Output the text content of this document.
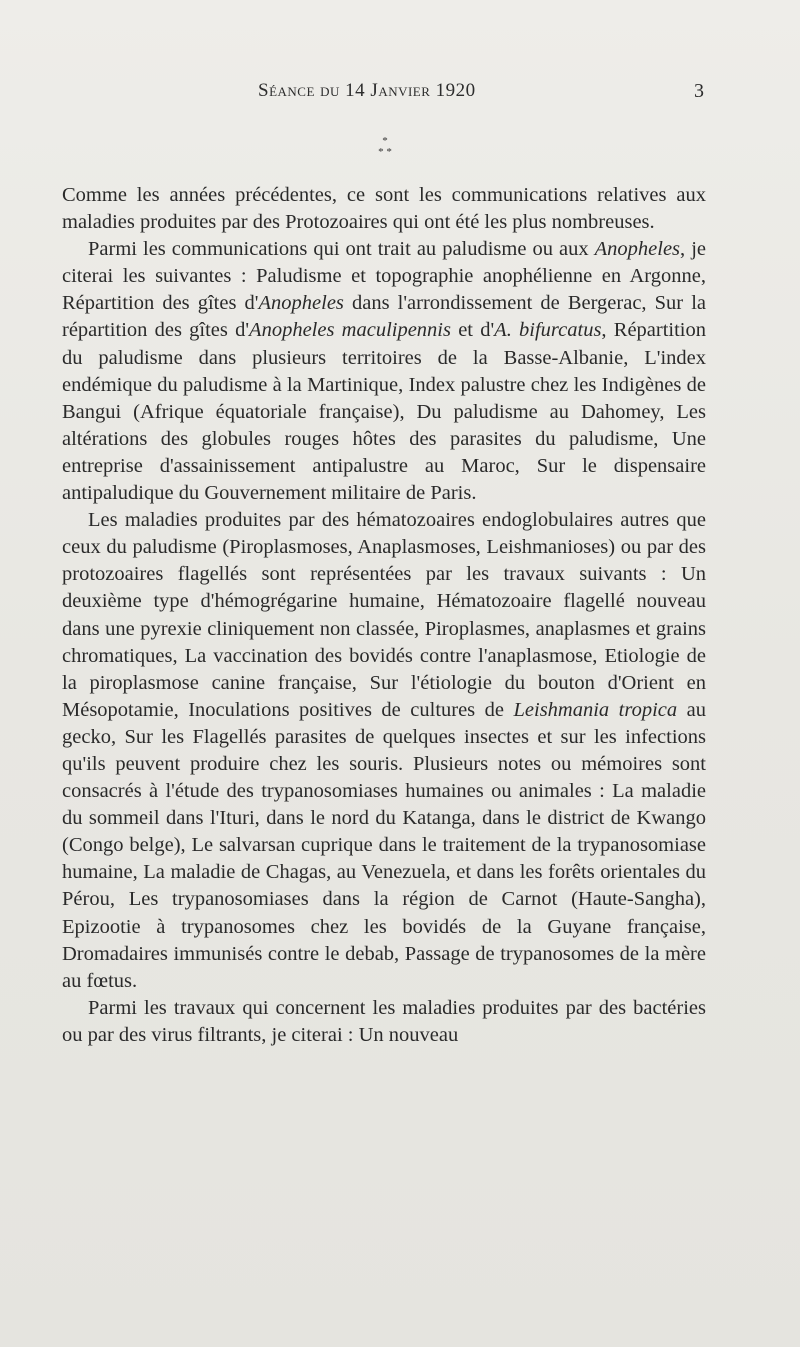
Séance du 14 Janvier 1920	3
*
* *

Comme les années précédentes, ce sont les communications relatives aux maladies produites par des Protozoaires qui ont été les plus nombreuses.

Parmi les communications qui ont trait au paludisme ou aux Anopheles, je citerai les suivantes : Paludisme et topographie anophélienne en Argonne, Répartition des gîtes d'Anopheles dans l'arrondissement de Bergerac, Sur la répartition des gîtes d'Anopheles maculipennis et d'A. bifurcatus, Répartition du paludisme dans plusieurs territoires de la Basse-Albanie, L'index endémique du paludisme à la Martinique, Index palustre chez les Indigènes de Bangui (Afrique équatoriale française), Du paludisme au Dahomey, Les altérations des globules rouges hôtes des parasites du paludisme, Une entreprise d'assainissement antipalustre au Maroc, Sur le dispensaire antipaludique du Gouvernement militaire de Paris.

Les maladies produites par des hématozoaires endoglobulaires autres que ceux du paludisme (Piroplasmoses, Anaplasmoses, Leishmanioses) ou par des protozoaires flagellés sont représentées par les travaux suivants : Un deuxième type d'hémogrégarine humaine, Hématozoaire flagellé nouveau dans une pyrexie cliniquement non classée, Piroplasmes, anaplasmes et grains chromatiques, La vaccination des bovidés contre l'anaplasmose, Etiologie de la piroplasmose canine française, Sur l'étiologie du bouton d'Orient en Mésopotamie, Inoculations positives de cultures de Leishmania tropica au gecko, Sur les Flagellés parasites de quelques insectes et sur les infections qu'ils peuvent produire chez les souris. Plusieurs notes ou mémoires sont consacrés à l'étude des trypanosomiases humaines ou animales : La maladie du sommeil dans l'Ituri, dans le nord du Katanga, dans le district de Kwango (Congo belge), Le salvarsan cuprique dans le traitement de la trypanosomiase humaine, La maladie de Chagas, au Venezuela, et dans les forêts orientales du Pérou, Les trypanosomiases dans la région de Carnot (Haute-Sangha), Epizootie à trypanosomes chez les bovidés de la Guyane française, Dromadaires immunisés contre le debab, Passage de trypanosomes de la mère au fœtus.

Parmi les travaux qui concernent les maladies produites par des bactéries ou par des virus filtrants, je citerai : Un nouveau
